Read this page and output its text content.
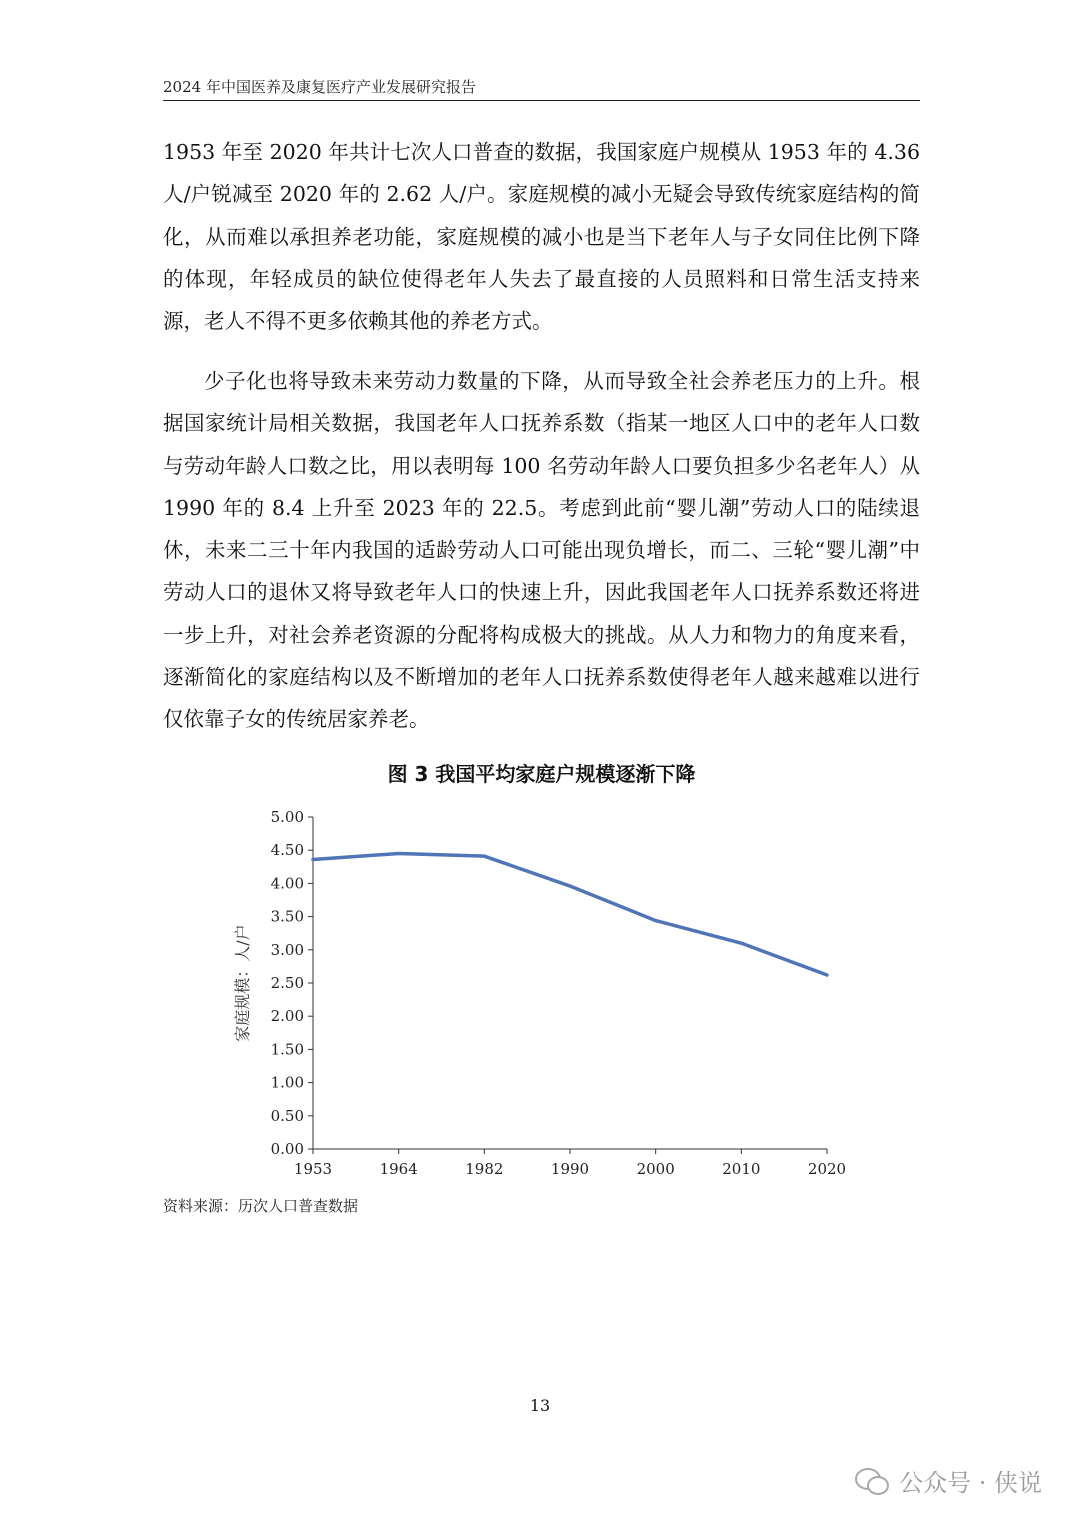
2024 年中国医养及康复医疗产业发展研究报告

1953 年至 2020 年共计七次人口普查的数据，我国家庭户规模从 1953 年的 4.36 人/户锐减至 2020 年的 2.62 人/户。家庭规模的减小无疑会导致传统家庭结构的简化，从而难以承担养老功能，家庭规模的减小也是当下老年人与子女同住比例下降的体现，年轻成员的缺位使得老年人失去了最直接的人员照料和日常生活支持来源，老人不得不更多依赖其他的养老方式。

少子化也将导致未来劳动力数量的下降，从而导致全社会养老压力的上升。根据国家统计局相关数据，我国老年人口抚养系数（指某一地区人口中的老年人口数与劳动年龄人口数之比，用以表明每 100 名劳动年龄人口要负担多少名老年人）从 1990 年的 8.4 上升至 2023 年的 22.5。考虑到此前“婴儿潮”劳动人口的陆续退休，未来二三十年内我国的适龄劳动人口可能出现负增长，而二、三轮“婴儿潮”中劳动人口的退休又将导致老年人口的快速上升，因此我国老年人口抚养系数还将进一步上升，对社会养老资源的分配将构成极大的挑战。从人力和物力的角度来看，逐渐简化的家庭结构以及不断增加的老年人口抚养系数使得老年人越来越难以进行仅依靠子女的传统居家养老。

图 3 我国平均家庭户规模逐渐下降
0.00
0.50
1.00
1.50
2.00
2.50
3.00
3.50
4.00
4.50
5.00
1953	1964	1982	1990	2000	2010	2020
家庭规模：人/户
资料来源：历次人口普查数据
13
公众号 · 侠说
